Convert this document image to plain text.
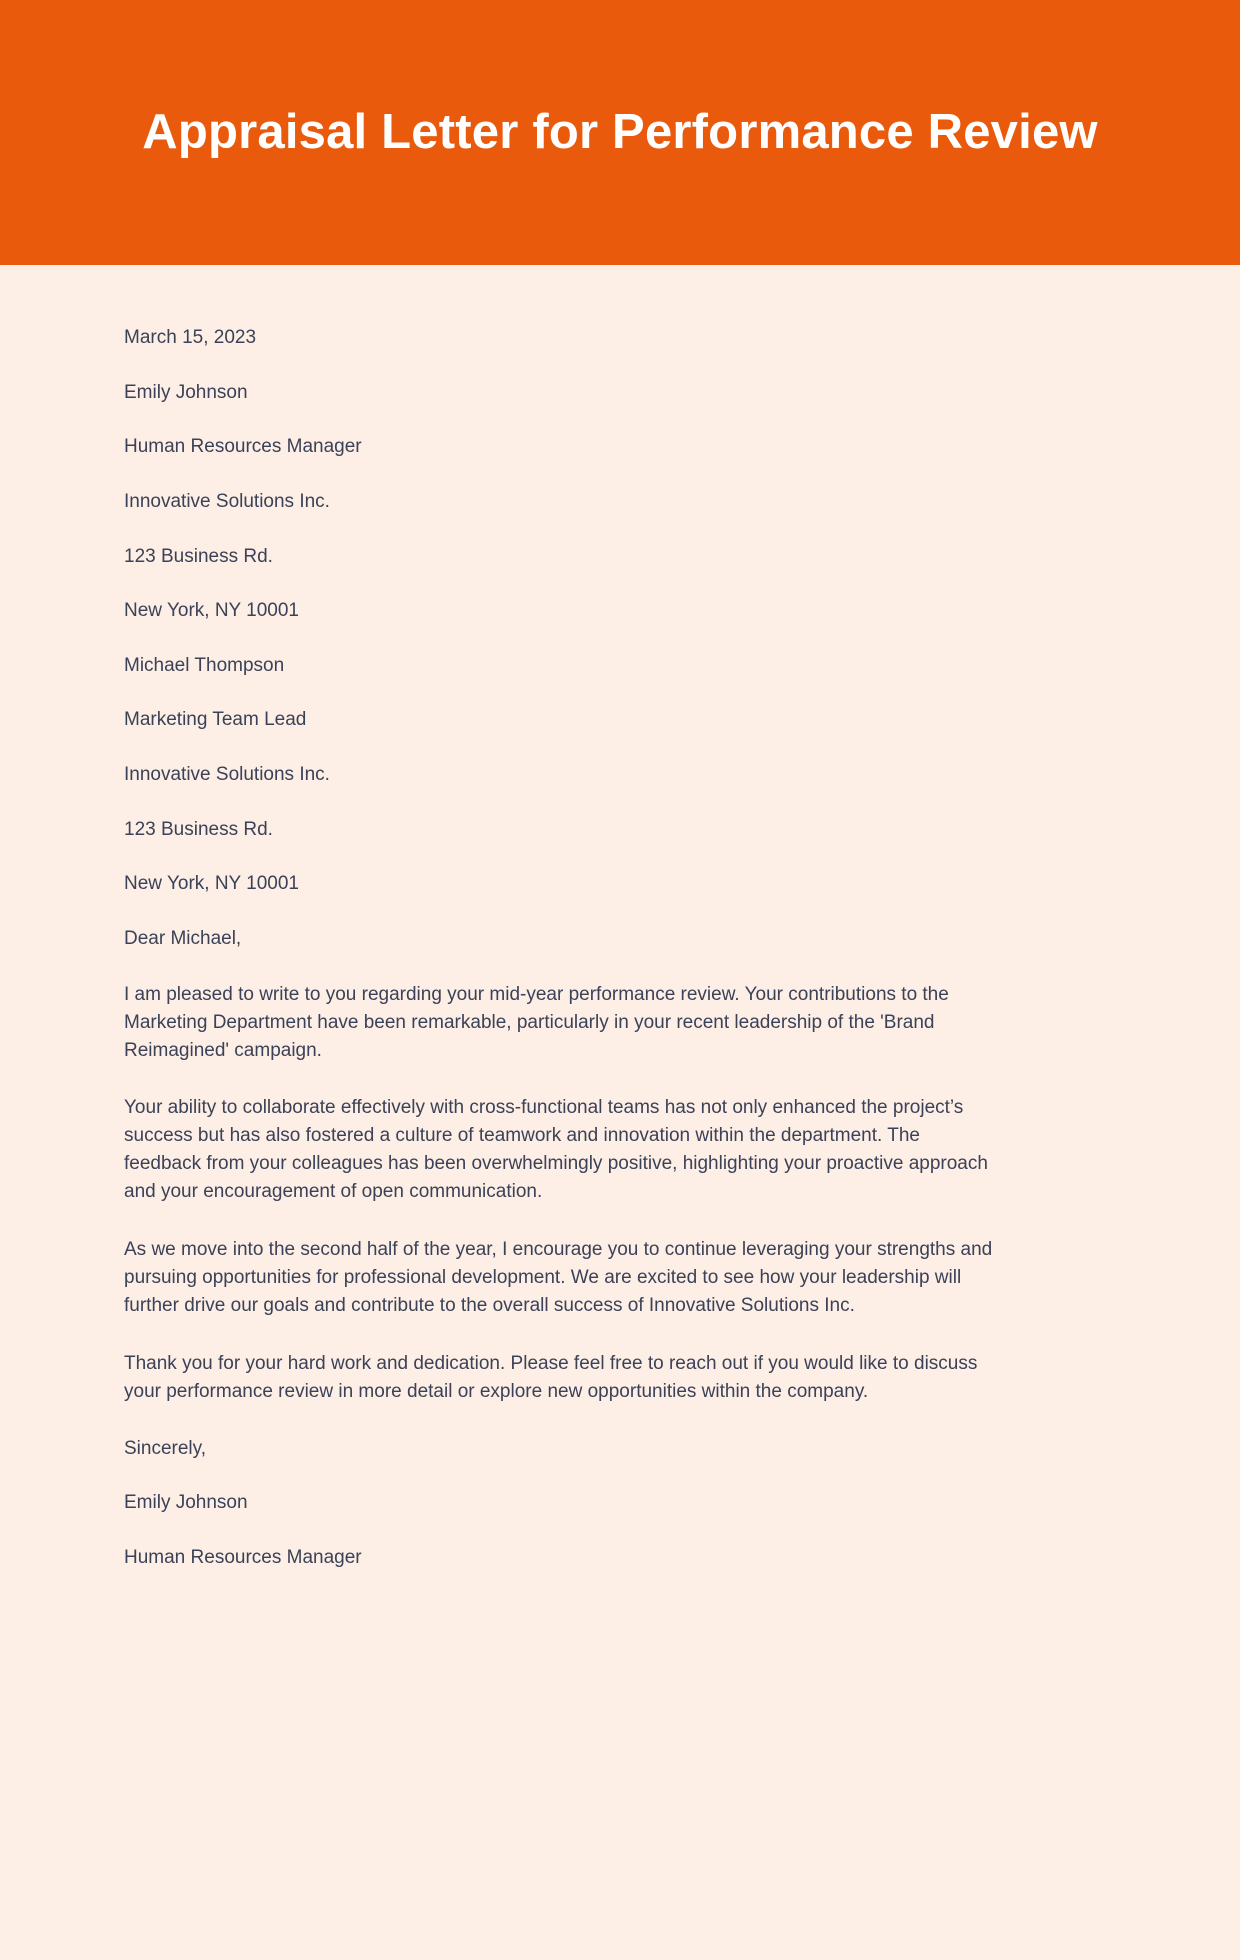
Appraisal Letter for Performance Review

March 15, 2023

Emily Johnson

Human Resources Manager

Innovative Solutions Inc.

123 Business Rd.

New York, NY 10001

Michael Thompson

Marketing Team Lead

Innovative Solutions Inc.

123 Business Rd.

New York, NY 10001

Dear Michael,

I am pleased to write to you regarding your mid-year performance review. Your contributions to the Marketing Department have been remarkable, particularly in your recent leadership of the 'Brand Reimagined' campaign.

Your ability to collaborate effectively with cross-functional teams has not only enhanced the project’s success but has also fostered a culture of teamwork and innovation within the department. The feedback from your colleagues has been overwhelmingly positive, highlighting your proactive approach and your encouragement of open communication.

As we move into the second half of the year, I encourage you to continue leveraging your strengths and pursuing opportunities for professional development. We are excited to see how your leadership will further drive our goals and contribute to the overall success of Innovative Solutions Inc.

Thank you for your hard work and dedication. Please feel free to reach out if you would like to discuss your performance review in more detail or explore new opportunities within the company.

Sincerely,

Emily Johnson

Human Resources Manager
